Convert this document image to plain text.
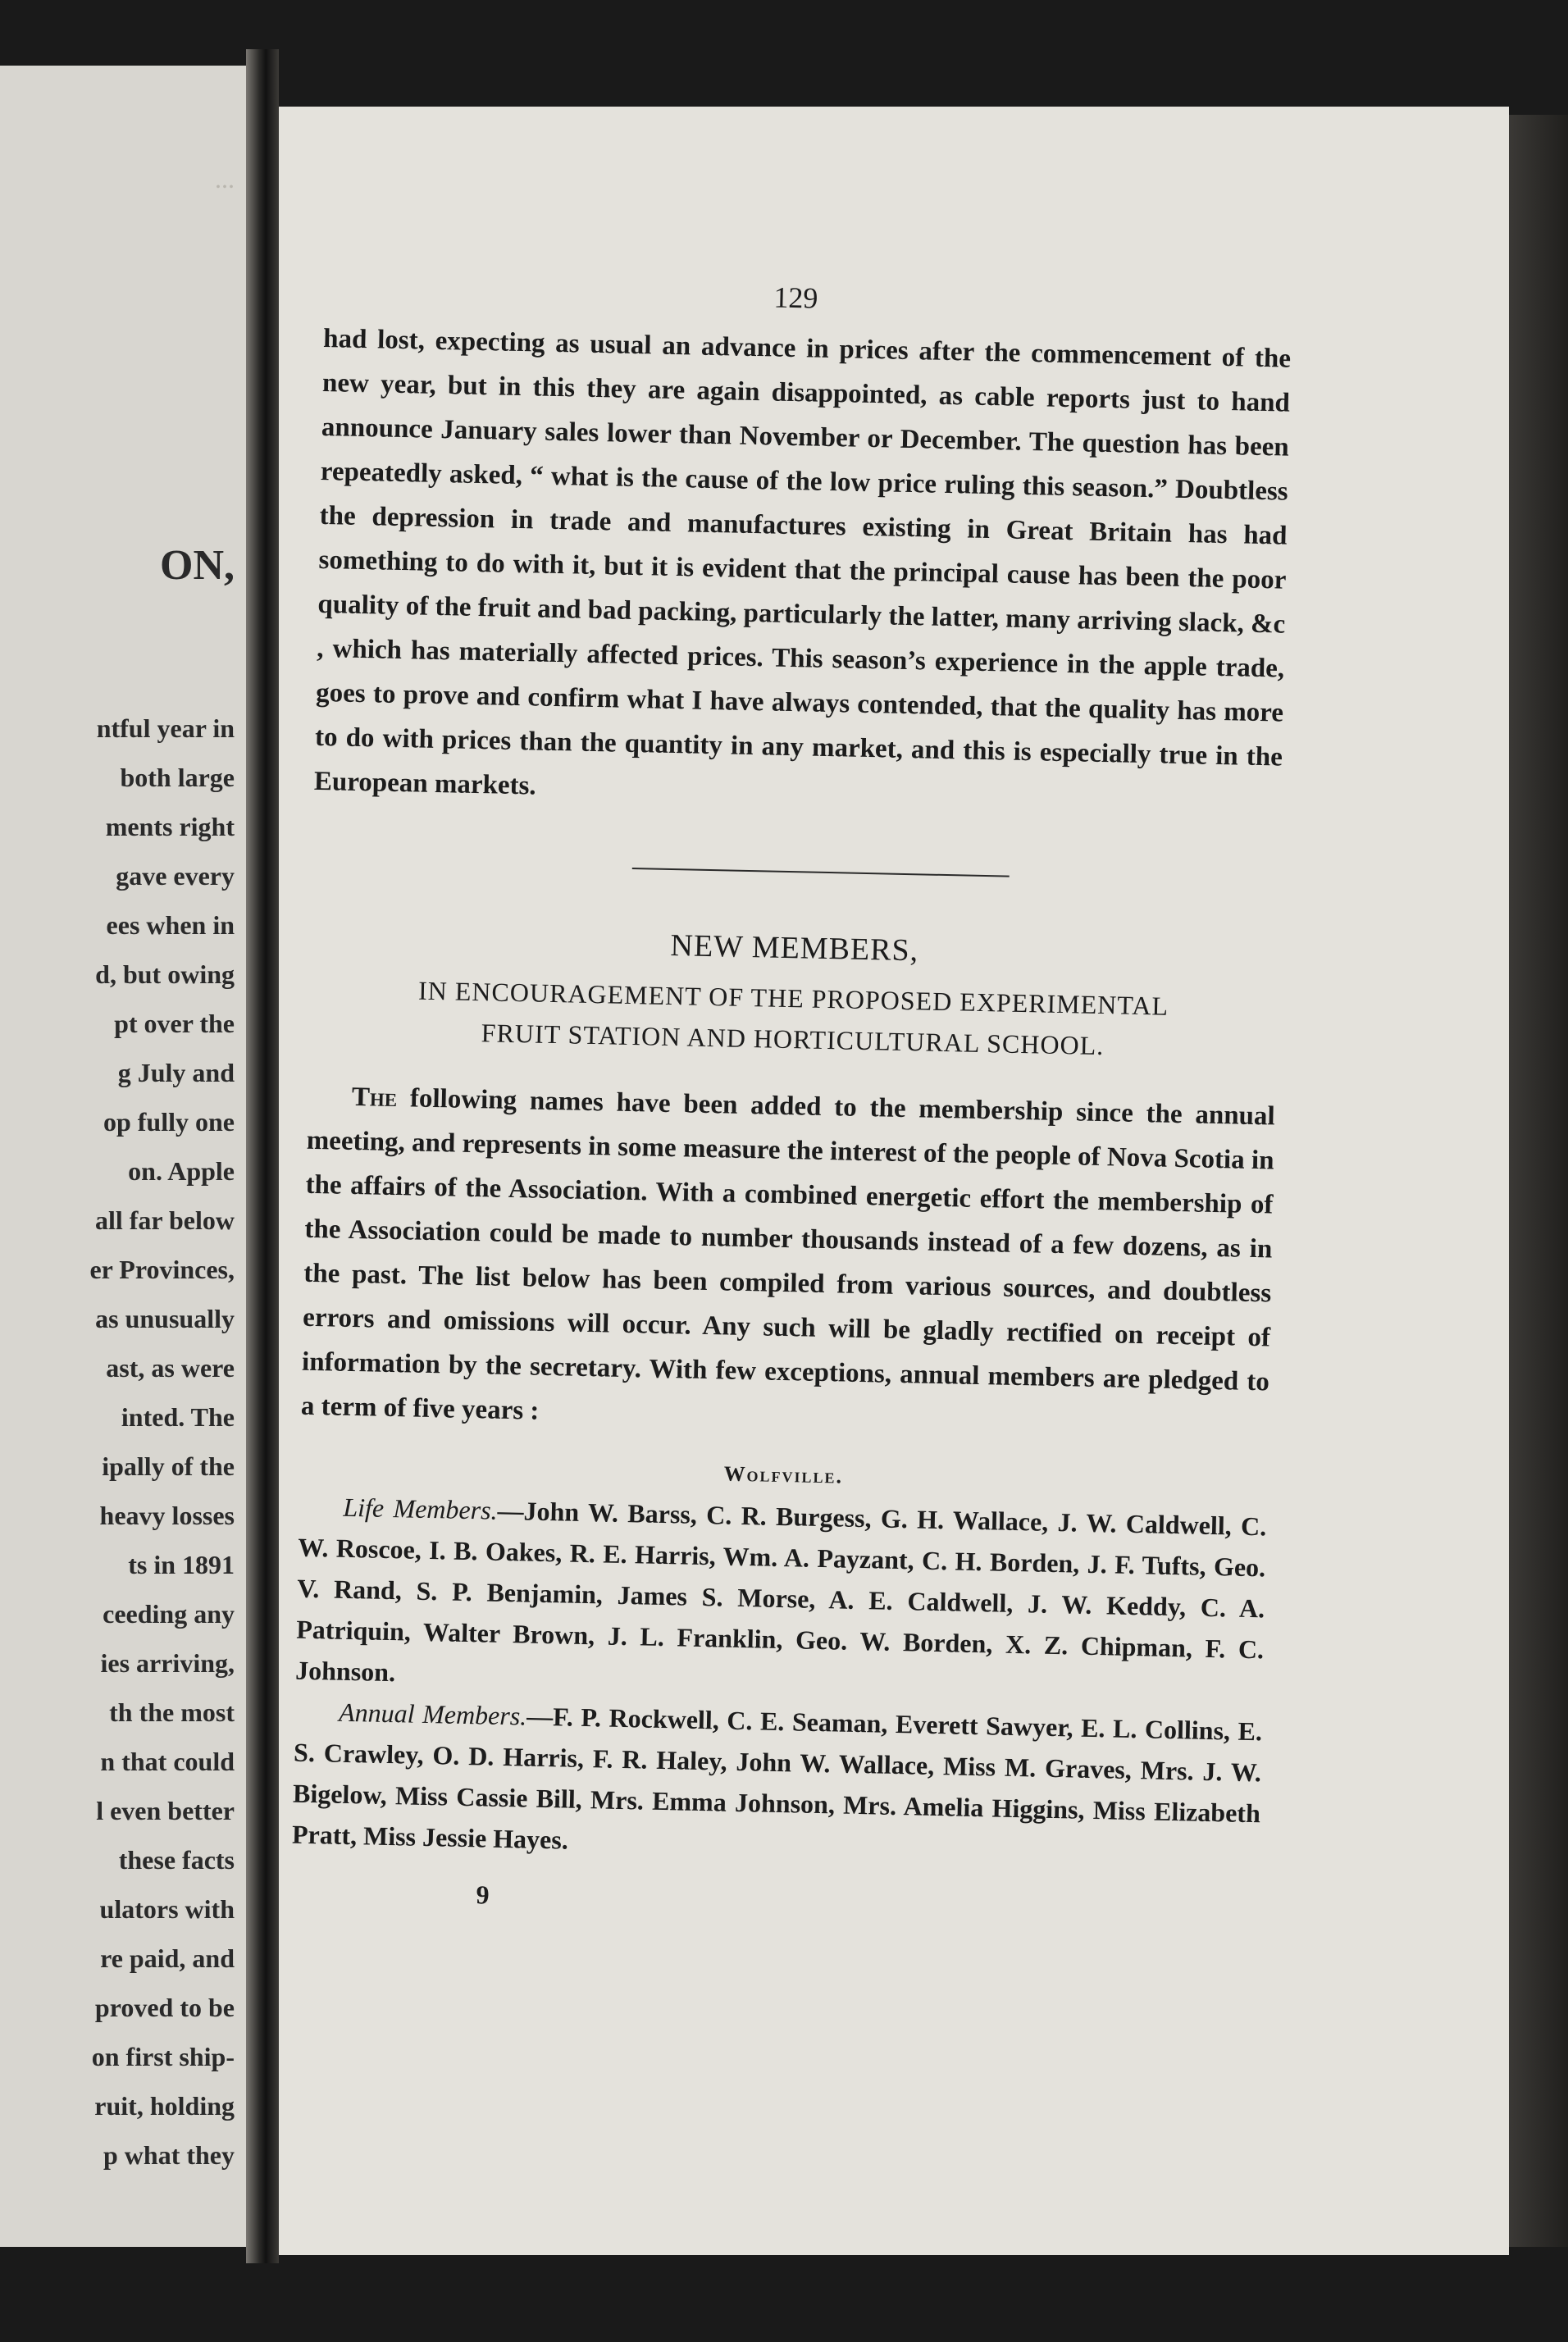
...
ON,
ntful year in
both large
ments right
gave every
ees when in
d, but owing
pt over the
g July and
op fully one
on. Apple
all far below
er Provinces,
as unusually
ast, as were
inted. The
ipally of the
heavy losses
ts in 1891
ceeding any
ies arriving,
th the most
n that could
l even better
these facts
ulators with
re paid, and
proved to be
on first ship-
ruit, holding
p what they
129

had lost, expecting as usual an advance in prices after the commencement of the new year, but in this they are again disappointed, as cable reports just to hand announce January sales lower than November or December. The question has been repeatedly asked, “ what is the cause of the low price ruling this season.” Doubtless the depression in trade and manufactures existing in Great Britain has had something to do with it, but it is evident that the principal cause has been the poor quality of the fruit and bad packing, particularly the latter, many arriving slack, &c , which has materially affected prices. This season’s experience in the apple trade, goes to prove and confirm what I have always contended, that the quality has more to do with prices than the quantity in any market, and this is especially true in the European markets.

NEW MEMBERS,
IN ENCOURAGEMENT OF THE PROPOSED EXPERIMENTAL FRUIT STATION AND HORTICULTURAL SCHOOL.

The following names have been added to the membership since the annual meeting, and represents in some measure the interest of the people of Nova Scotia in the affairs of the Association. With a combined energetic effort the membership of the Association could be made to number thousands instead of a few dozens, as in the past. The list below has been compiled from various sources, and doubtless errors and omissions will occur. Any such will be gladly rectified on receipt of information by the secretary. With few exceptions, annual members are pledged to a term of five years :

Wolfville.

Life Members.—John W. Barss, C. R. Burgess, G. H. Wallace, J. W. Caldwell, C. W. Roscoe, I. B. Oakes, R. E. Harris, Wm. A. Payzant, C. H. Borden, J. F. Tufts, Geo. V. Rand, S. P. Benjamin, James S. Morse, A. E. Caldwell, J. W. Keddy, C. A. Patriquin, Walter Brown, J. L. Franklin, Geo. W. Borden, X. Z. Chipman, F. C. Johnson.

Annual Members.—F. P. Rockwell, C. E. Seaman, Everett Sawyer, E. L. Collins, E. S. Crawley, O. D. Harris, F. R. Haley, John W. Wallace, Miss M. Graves, Mrs. J. W. Bigelow, Miss Cassie Bill, Mrs. Emma Johnson, Mrs. Amelia Higgins, Miss Elizabeth Pratt, Miss Jessie Hayes.

9
